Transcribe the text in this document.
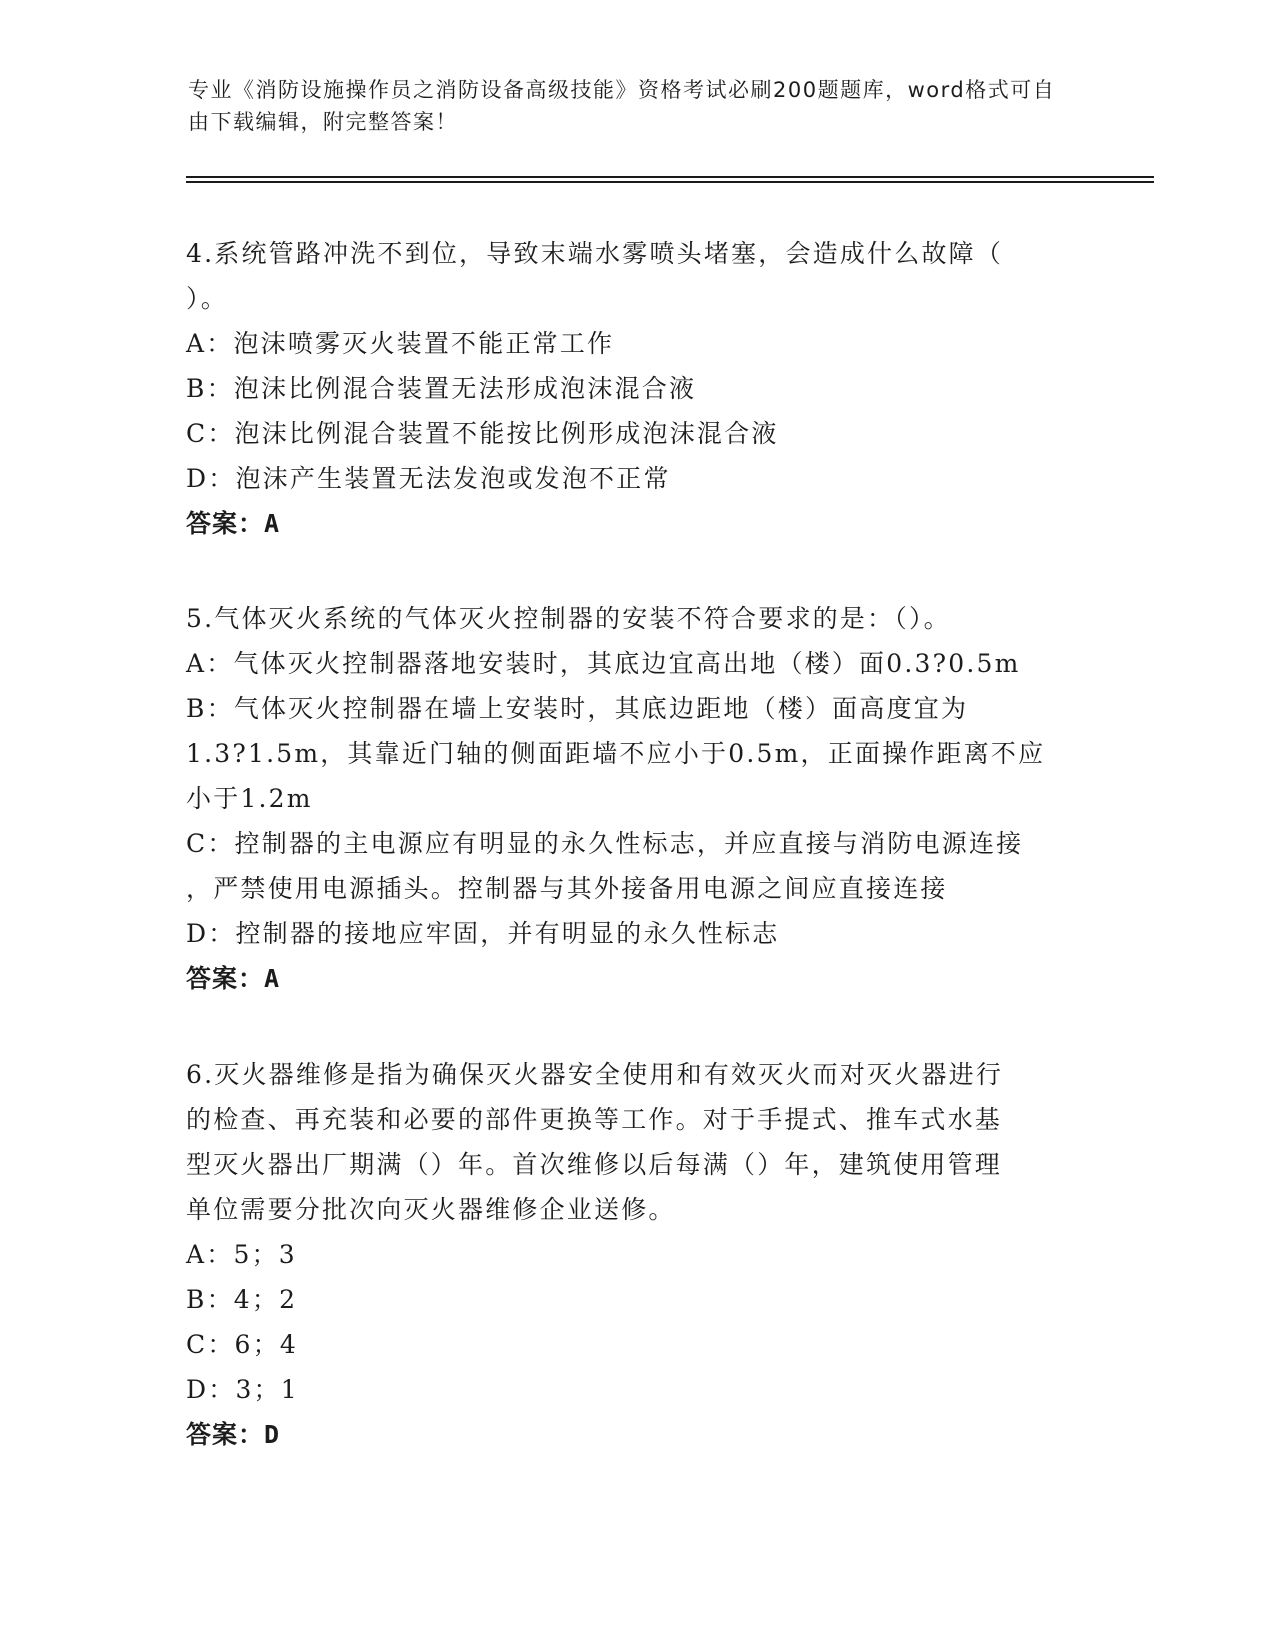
专业《消防设施操作员之消防设备高级技能》资格考试必刷200题题库，word格式可自由下载编辑，附完整答案！
4.系统管路冲洗不到位，导致末端水雾喷头堵塞，会造成什么故障（
）。
A：泡沫喷雾灭火装置不能正常工作
B：泡沫比例混合装置无法形成泡沫混合液
C：泡沫比例混合装置不能按比例形成泡沫混合液
D：泡沫产生装置无法发泡或发泡不正常
答案：A
5.气体灭火系统的气体灭火控制器的安装不符合要求的是：（）。
A：气体灭火控制器落地安装时，其底边宜高出地（楼）面0.3?0.5m
B：气体灭火控制器在墙上安装时，其底边距地（楼）面高度宜为
1.3?1.5m，其靠近门轴的侧面距墙不应小于0.5m，正面操作距离不应
小于1.2m
C：控制器的主电源应有明显的永久性标志，并应直接与消防电源连接
，严禁使用电源插头。控制器与其外接备用电源之间应直接连接
D：控制器的接地应牢固，并有明显的永久性标志
答案：A
6.灭火器维修是指为确保灭火器安全使用和有效灭火而对灭火器进行
的检查、再充装和必要的部件更换等工作。对于手提式、推车式水基
型灭火器出厂期满（）年。首次维修以后每满（）年，建筑使用管理
单位需要分批次向灭火器维修企业送修。
A：5；3
B：4；2
C：6；4
D：3；1
答案：D
